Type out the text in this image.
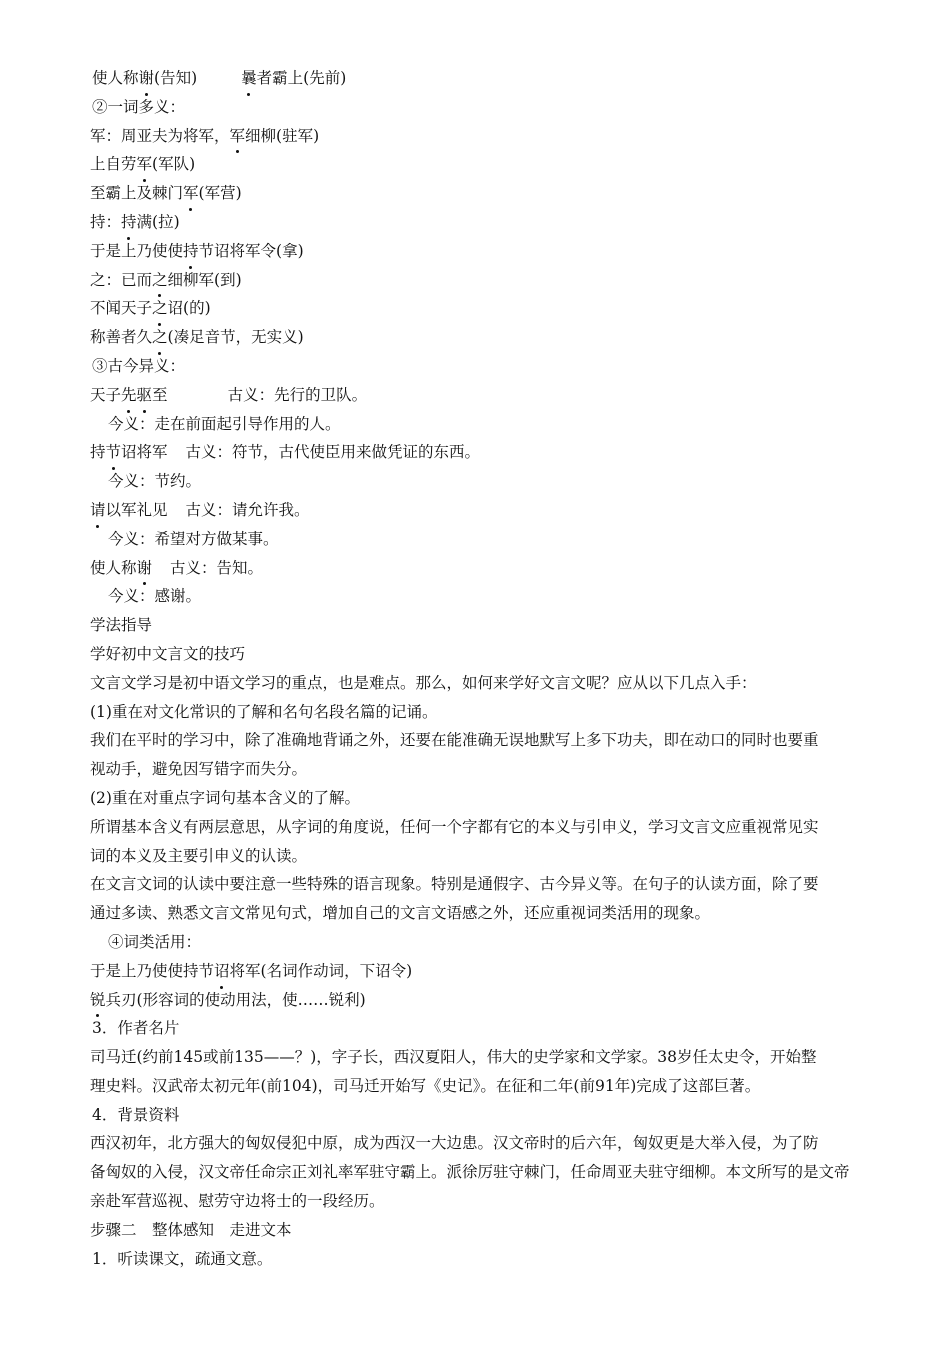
使人称谢(告知)	曩者霸上(先前)
②一词多义：
军：周亚夫为将军，军细柳(驻军)
上自劳军(军队)
至霸上及棘门军(军营)
持：持满(拉)
于是上乃使使持节诏将军令(拿)
之：已而之细柳军(到)
不闻天子之诏(的)
称善者久之(凑足音节，无实义)
③古今异义：
天子先驱至	古义：先行的卫队。
今义：走在前面起引导作用的人。
持节诏将军 古义：符节，古代使臣用来做凭证的东西。
今义：节约。
请以军礼见 古义：请允许我。
今义：希望对方做某事。
使人称谢 古义：告知。
今义：感谢。
学法指导
学好初中文言文的技巧
文言文学习是初中语文学习的重点，也是难点。那么，如何来学好文言文呢？应从以下几点入手：
(1)重在对文化常识的了解和名句名段名篇的记诵。
我们在平时的学习中，除了准确地背诵之外，还要在能准确无误地默写上多下功夫，即在动口的同时也要重
视动手，避免因写错字而失分。
(2)重在对重点字词句基本含义的了解。
所谓基本含义有两层意思，从字词的角度说，任何一个字都有它的本义与引申义，学习文言文应重视常见实
词的本义及主要引申义的认读。
在文言文词的认读中要注意一些特殊的语言现象。特别是通假字、古今异义等。在句子的认读方面，除了要
通过多读、熟悉文言文常见句式，增加自己的文言文语感之外，还应重视词类活用的现象。
④词类活用：
于是上乃使使持节诏将军(名词作动词，下诏令)
锐兵刃(形容词的使动用法，使……锐利)
3．作者名片
司马迁(约前145或前135——？)，字子长，西汉夏阳人，伟大的史学家和文学家。38岁任太史令，开始整
理史料。汉武帝太初元年(前104)，司马迁开始写《史记》。在征和二年(前91年)完成了这部巨著。
4．背景资料
西汉初年，北方强大的匈奴侵犯中原，成为西汉一大边患。汉文帝时的后六年，匈奴更是大举入侵，为了防
备匈奴的入侵，汉文帝任命宗正刘礼率军驻守霸上。派徐厉驻守棘门，任命周亚夫驻守细柳。本文所写的是文帝
亲赴军营巡视、慰劳守边将士的一段经历。
步骤二　整体感知　走进文本
1．听读课文，疏通文意。
